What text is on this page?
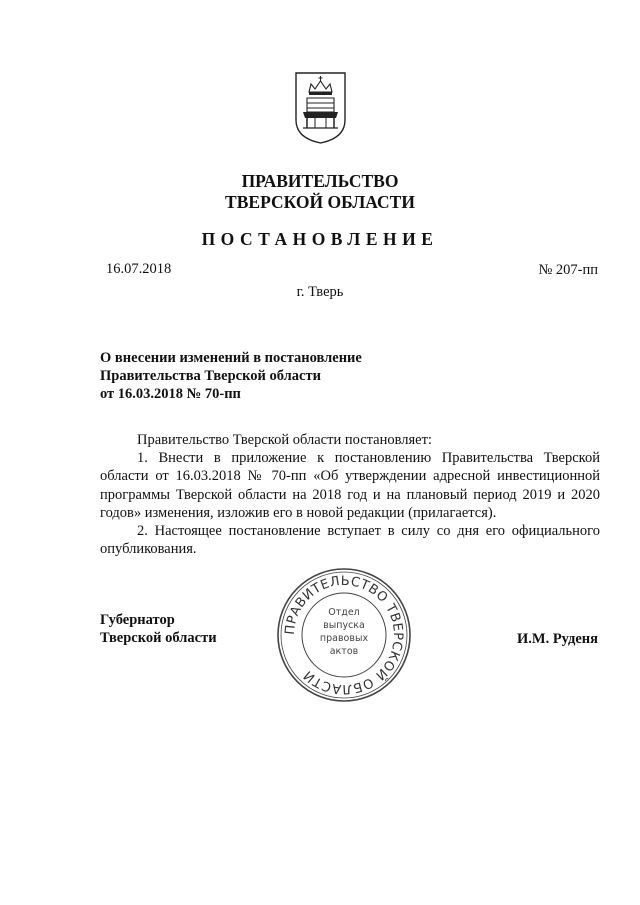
ПРАВИТЕЛЬСТВО
ТВЕРСКОЙ ОБЛАСТИ
ПОСТАНОВЛЕНИЕ
16.07.2018	№ 207-пп
г. Тверь
О внесении изменений в постановление
Правительства Тверской области
от 16.03.2018 № 70-пп

Правительство Тверской области постановляет:

1. Внести в приложение к постановлению Правительства Тверской области от 16.03.2018 № 70-пп «Об утверждении адресной инвестиционной программы Тверской области на 2018 год и на плановый период 2019 и 2020 годов» изменения, изложив его в новой редакции (прилагается).

2. Настоящее постановление вступает в силу со дня его официального опубликования.

Губернатор
Тверской области	И.М. Руденя
ПРАВИТЕЛЬСТВО ТВЕРСКОЙ ОБЛАСТИ
Отдел
выпуска
правовых
актов
